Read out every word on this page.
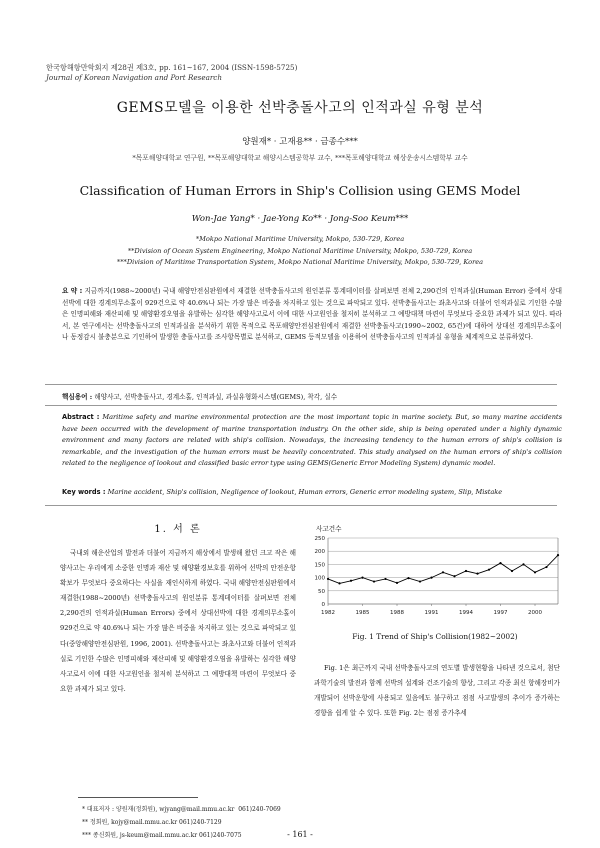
한국항해항만학회지 제28권 제3호, pp. 161~167, 2004 (ISSN-1598-5725)
Journal of Korean Navigation and Port Research
GEMS모델을 이용한 선박충돌사고의 인적과실 유형 분석
양원재* · 고재용** · 금종수***
*목포해양대학교 연구원, **목포해양대학교 해양시스템공학부 교수, ***목포해양대학교 해상운송시스템학부 교수
Classification of Human Errors in Ship's Collision using GEMS Model
Won-Jae Yang* · Jae-Yong Ko** · Jong-Soo Keum***
*Mokpo National Maritime University, Mokpo, 530-729, Korea
**Division of Ocean System Engineering, Mokpo National Maritime University, Mokpo, 530-729, Korea
***Division of Maritime Transportation System, Mokpo National Maritime University, Mokpo, 530-729, Korea
요 약 : 지금까지(1988~2000년) 국내 해양안전심판원에서 재결한 선박충돌사고의 원인분류 통계데이터를 살펴보면 전체 2,290건의 인적과실(Human Error) 중에서 상대선박에 대한 경계의무소홀이 929건으로 약 40.6%나 되는 가장 많은 비중을 차지하고 있는 것으로 파악되고 있다. 선박충돌사고는 좌초사고와 더불어 인적과실로 기인한 수많은 인명피해와 재산피해 및 해양환경오염을 유발하는 심각한 해양사고로서 이에 대한 사고원인을 철저히 분석하고 그 예방대책 마련이 무엇보다 중요한 과제가 되고 있다. 따라서, 본 연구에서는 선박충돌사고의 인적과실을 분석하기 위한 목적으로 목포해양안전심판원에서 재결한 선박충돌사고(1990~2002, 65건)에 대하여 상대선 경계의무소홀이나 동정감시 불충분으로 기인하여 발생한 충돌사고를 조사항목별로 분석하고, GEMS 등적모델을 이용하여 선박충돌사고의 인적과실 유형을 체계적으로 분류하였다.
핵심용어 : 해양사고, 선박충돌사고, 경계소홀, 인적과실, 과실유형화시스템(GEMS), 착각, 실수
Abstract : Maritime safety and marine environmental protection are the most important topic in marine society. But, so many marine accidents have been occurred with the development of marine transportation industry. On the other side, ship is being operated under a highly dynamic environment and many factors are related with ship's collision. Nowadays, the increasing tendency to the human errors of ship's collision is remarkable, and the investigation of the human errors must be heavily concentrated. This study analysed on the human errors of ship's collision related to the negligence of lookout and classified basic error type using GEMS(Generic Error Modeling System) dynamic model.
Key words : Marine accident, Ship's collision, Negligence of lookout, Human errors, Generic error modeling system, Slip, Mistake
1. 서 론

국내외 해운산업의 발전과 더불어 지금까지 해상에서 발생해 왔던 크고 작은 해양사고는 우리에게 소중한 인명과 재산 및 해양환경보호를 위하여 선박의 안전운항확보가 무엇보다 중요하다는 사실을 재인식하게 하였다. 국내 해양안전심판원에서 재결한(1988~2000년) 선박충돌사고의 원인분류 통계데이터를 살펴보면 전체 2,290건의 인적과실(Human Errors) 중에서 상대선박에 대한 경계의무소홀이 929건으로 약 40.6%나 되는 가장 많은 비중을 차지하고 있는 것으로 파악되고 있다(중앙해양안전심판원, 1996, 2001). 선박충돌사고는 좌초사고와 더불어 인적과실로 기인한 수많은 인명피해와 재산피해 및 해양환경오염을 유발하는 심각한 해양사고로서 이에 대한 사고원인을 철저히 분석하고 그 예방대책 마련이 무엇보다 중요한 과제가 되고 있다.

사고건수
0
50
100
150
200
250
1982	1985	1988	1991	1994	1997	2000
Fig. 1 Trend of Ship's Collision(1982~2002)

Fig. 1은 최근까지 국내 선박충돌사고의 연도별 발생현황을 나타낸 것으로서, 첨단과학기술의 발전과 함께 선박의 설계와 건조기술의 향상, 그리고 각종 최신 항해장비가 개발되어 선박운항에 사용되고 있음에도 불구하고 점점 사고발생의 추이가 증가하는 경향을 쉽게 알 수 있다. 또한 Fig. 2는 점점 증가추세

* 대표저자 : 양원재(정회원), wjyang@mail.mmu.ac.kr  061)240-7069
** 정회원, kojy@mail.mmu.ac.kr 061)240-7129
*** 종신회원, js-keum@mail.mmu.ac.kr 061)240-7075	- 161 -
